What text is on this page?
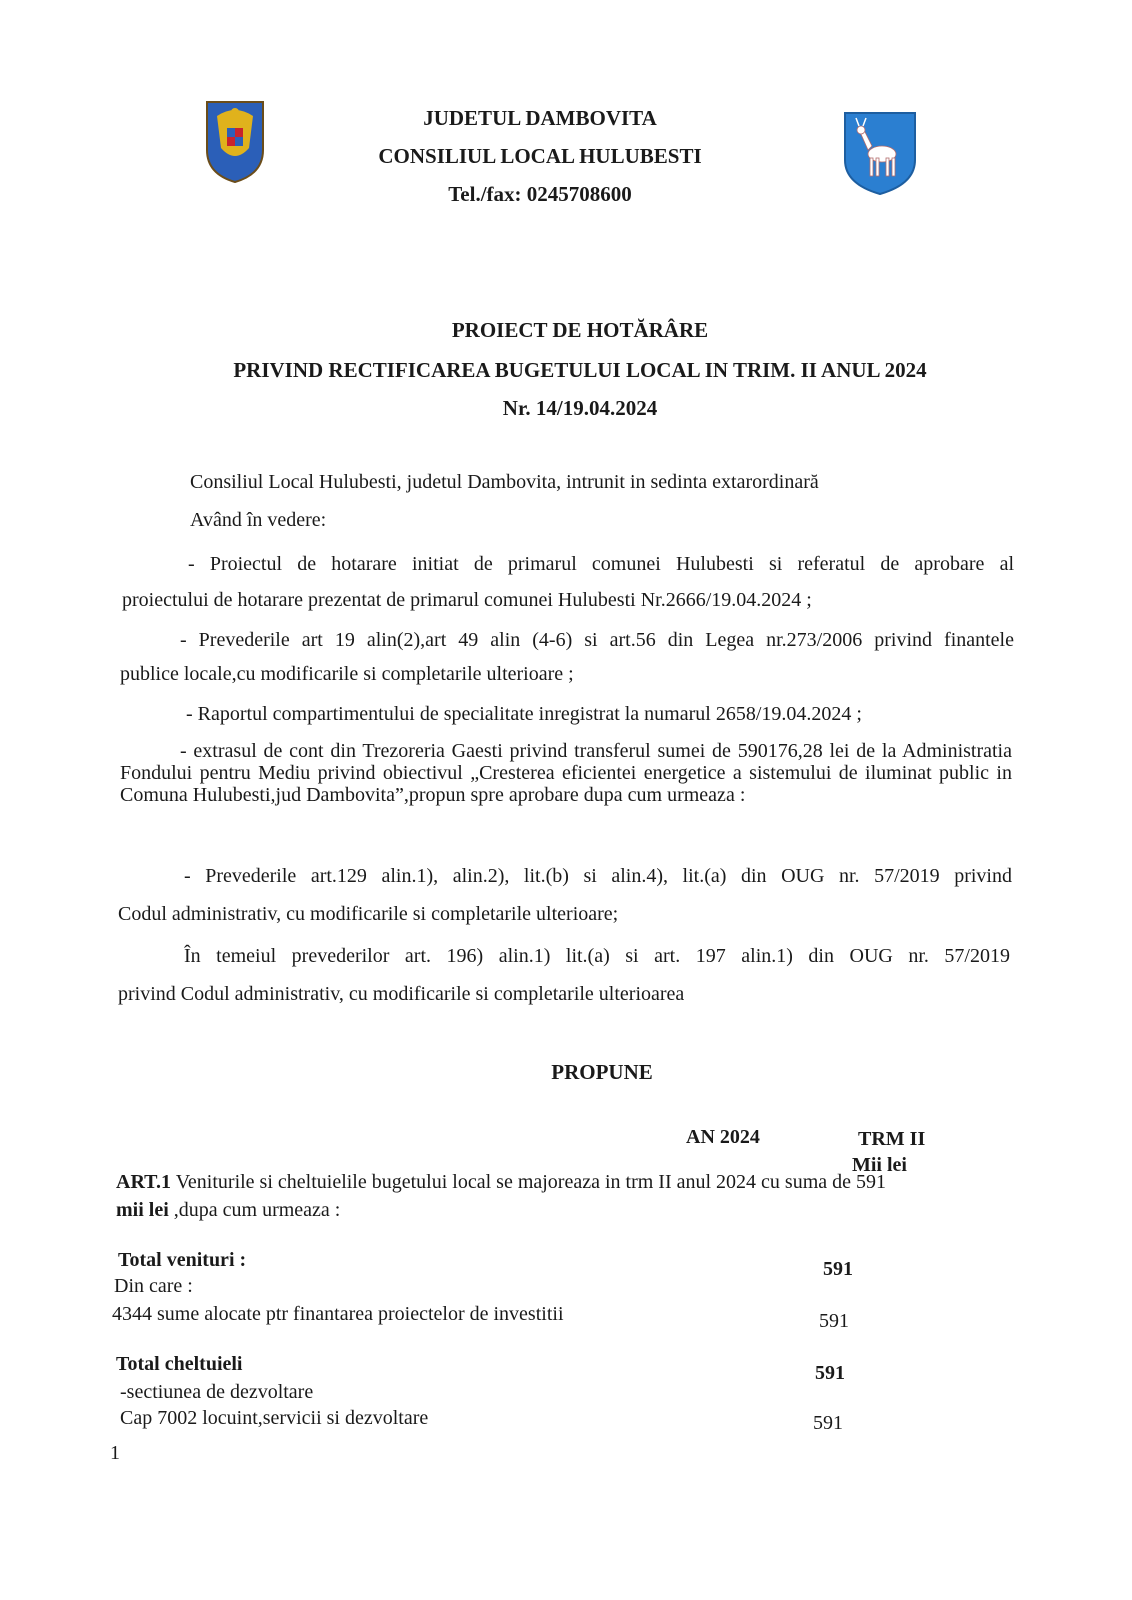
JUDETUL DAMBOVITA
CONSILIUL LOCAL HULUBESTI
Tel./fax: 0245708600
PROIECT DE HOTĂRÂRE
PRIVIND RECTIFICAREA BUGETULUI LOCAL IN TRIM. II ANUL 2024
Nr. 14/19.04.2024
Consiliul Local Hulubesti, judetul Dambovita, intrunit in sedinta extarordinară
Având în vedere:
- Proiectul de hotarare initiat de primarul comunei Hulubesti si referatul de aprobare al
proiectului de hotarare prezentat de primarul comunei Hulubesti Nr.2666/19.04.2024 ;
- Prevederile art 19 alin(2),art 49 alin (4-6) si art.56 din Legea nr.273/2006 privind finantele
publice locale,cu modificarile si completarile ulterioare ;
- Raportul compartimentului de specialitate inregistrat la numarul 2658/19.04.2024 ;
- extrasul de cont din Trezoreria Gaesti privind transferul sumei de 590176,28 lei de la Administratia Fondului pentru Mediu privind obiectivul „Cresterea eficientei energetice a sistemului de iluminat public in Comuna Hulubesti,jud Dambovita”,propun spre aprobare dupa cum urmeaza :
- Prevederile art.129 alin.1), alin.2), lit.(b) si alin.4), lit.(a) din OUG nr. 57/2019 privind
Codul administrativ, cu modificarile si completarile ulterioare;
În temeiul prevederilor art. 196) alin.1) lit.(a) si art. 197 alin.1) din OUG nr. 57/2019
privind Codul administrativ, cu modificarile si completarile ulterioarea
PROPUNE
AN 2024	TRM II
Mii lei
ART.1 Veniturile si cheltuielile bugetului local se majoreaza in trm II anul 2024 cu suma de 591
mii lei ,dupa cum urmeaza :
Total venituri :	591
Din care :
4344 sume alocate ptr finantarea proiectelor de investitii	591
Total cheltuieli	591
-sectiunea de dezvoltare
Cap 7002 locuint,servicii si dezvoltare	591
1
